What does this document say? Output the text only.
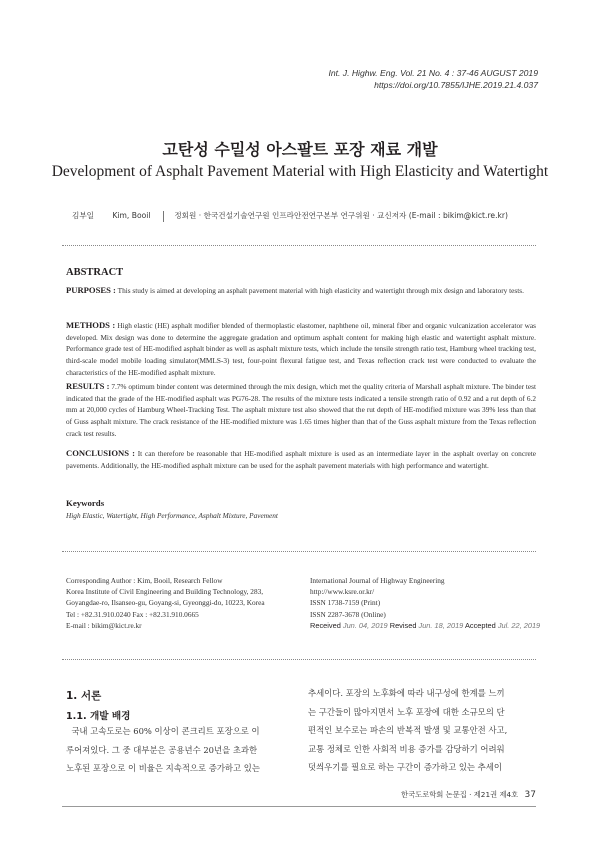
Int. J. Highw. Eng. Vol. 21 No. 4 : 37-46 AUGUST 2019
https://doi.org/10.7855/IJHE.2019.21.4.037
고탄성 수밀성 아스팔트 포장 재료 개발
Development of Asphalt Pavement Material with High Elasticity and Watertight
김부일 Kim, Booil	정회원 · 한국건설기술연구원 인프라안전연구본부 연구위원 · 교신저자 (E-mail : bikim@kict.re.kr)
ABSTRACT
PURPOSES : This study is aimed at developing an asphalt pavement material with high elasticity and watertight through mix design and laboratory tests.
METHODS : High elastic (HE) asphalt modifier blended of thermoplastic elastomer, naphthene oil, mineral fiber and organic vulcanization accelerator was developed. Mix design was done to determine the aggregate gradation and optimum asphalt content for making high elastic and watertight asphalt mixture. Performance grade test of HE-modified asphalt binder as well as asphalt mixture tests, which include the tensile strength ratio test, Hamburg wheel tracking test, third-scale model mobile loading simulator(MMLS-3) test, four-point flexural fatigue test, and Texas reflection crack test were conducted to evaluate the characteristics of the HE-modified asphalt mixture.
RESULTS : 7.7% optimum binder content was determined through the mix design, which met the quality criteria of Marshall asphalt mixture. The binder test indicated that the grade of the HE-modified asphalt was PG76-28. The results of the mixture tests indicated a tensile strength ratio of 0.92 and a rut depth of 6.2 mm at 20,000 cycles of Hamburg Wheel-Tracking Test. The asphalt mixture test also showed that the rut depth of HE-modified mixture was 39% less than that of Guss asphalt mixture. The crack resistance of the HE-modified mixture was 1.65 times higher than that of the Guss asphalt mixture from the Texas reflection crack test results.
CONCLUSIONS : It can therefore be reasonable that HE-modified asphalt mixture is used as an intermediate layer in the asphalt overlay on concrete pavements. Additionally, the HE-modified asphalt mixture can be used for the asphalt pavement materials with high performance and watertight.
Keywords
High Elastic, Watertight, High Performance, Asphalt Mixture, Pavement
Corresponding Author : Kim, Booil, Research Fellow
Korea Institute of Civil Engineering and Building Technology, 283,
Goyangdae-ro, Ilsanseo-gu, Goyang-si, Gyeonggi-do, 10223, Korea
Tel : +82.31.910.0240 Fax : +82.31.910.0665
E-mail : bikim@kict.re.kr
International Journal of Highway Engineering
http://www.ksre.or.kr/
ISSN 1738-7159 (Print)
ISSN 2287-3678 (Online)
Received Jun. 04, 2019 Revised Jun. 18, 2019 Accepted Jul. 22, 2019
1. 서론
1.1. 개발 배경
국내 고속도로는 60% 이상이 콘크리트 포장으로 이
루어져있다. 그 중 대부분은 공용년수 20년을 초과한
노후된 포장으로 이 비율은 지속적으로 증가하고 있는
추세이다. 포장의 노후화에 따라 내구성에 한계를 느끼
는 구간들이 많아지면서 노후 포장에 대한 소규모의 단
편적인 보수로는 파손의 반복적 발생 및 교통안전 사고,
교통 정체로 인한 사회적 비용 증가를 감당하기 어려워
덧씌우기를 필요로 하는 구간이 증가하고 있는 추세이
한국도로학회 논문집 · 제21권 제4호 37
